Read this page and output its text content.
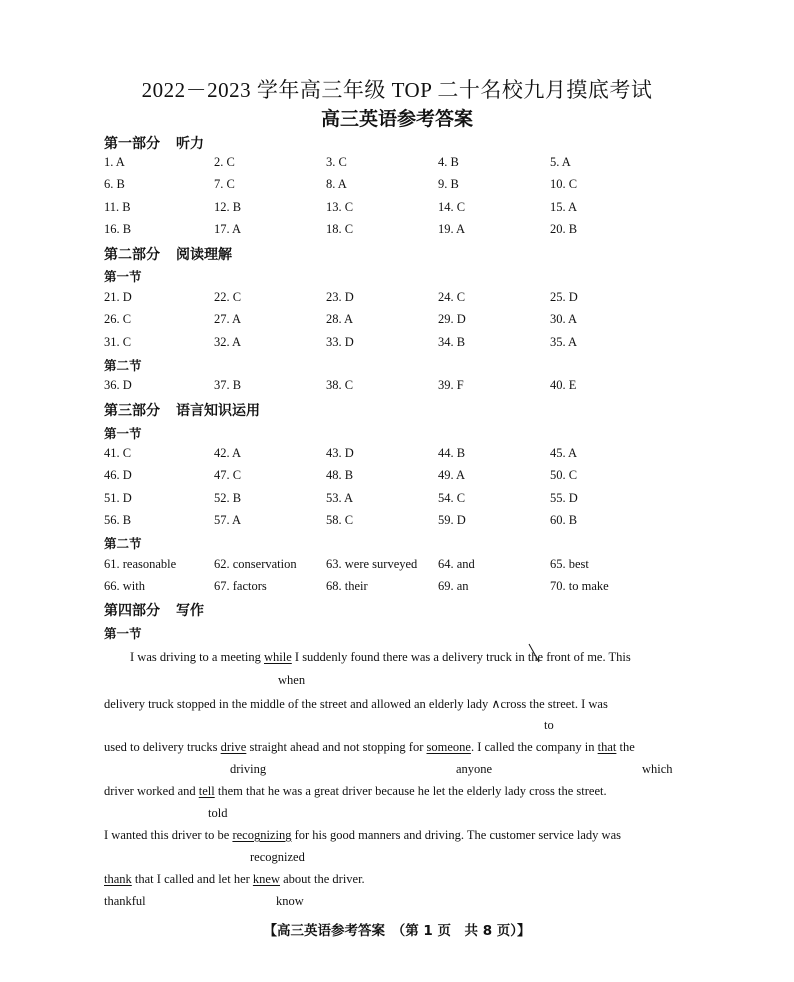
2022－2023 学年高三年级 TOP 二十名校九月摸底考试
高三英语参考答案
第一部分 听力
1. A	2. C	3. C	4. B	5. A
6. B	7. C	8. A	9. B	10. C
11. B	12. B	13. C	14. C	15. A
16. B	17. A	18. C	19. A	20. B
第二部分 阅读理解
第一节
21. D	22. C	23. D	24. C	25. D
26. C	27. A	28. A	29. D	30. A
31. C	32. A	33. D	34. B	35. A
第二节
36. D	37. B	38. C	39. F	40. E
第三部分 语言知识运用
第一节
41. C	42. A	43. D	44. B	45. A
46. D	47. C	48. B	49. A	50. C
51. D	52. B	53. A	54. C	55. D
56. B	57. A	58. C	59. D	60. B
第二节
61. reasonable	62. conservation 63. were surveyed 64. and	65. best
66. with	67. factors	68. their	69. an	70. to make
第四部分 写作
第一节
I was driving to a meeting while I suddenly found there was a delivery truck in the
front of me. This
when
delivery truck stopped in the middle of the street and allowed an elderly lady ∧cross the street. I was
to
used to delivery trucks drive straight ahead and not stopping for someone. I called the company in that the
driving	anyone	which
driver worked and tell them that he was a great driver because he let the elderly lady cross the street.
told
I wanted this driver to be recognizing for his good manners and driving. The customer service lady was
recognized
thank that I called and let her knew about the driver.
thankful	know
【高三英语参考答案　（第 1 页　共 8 页）】
